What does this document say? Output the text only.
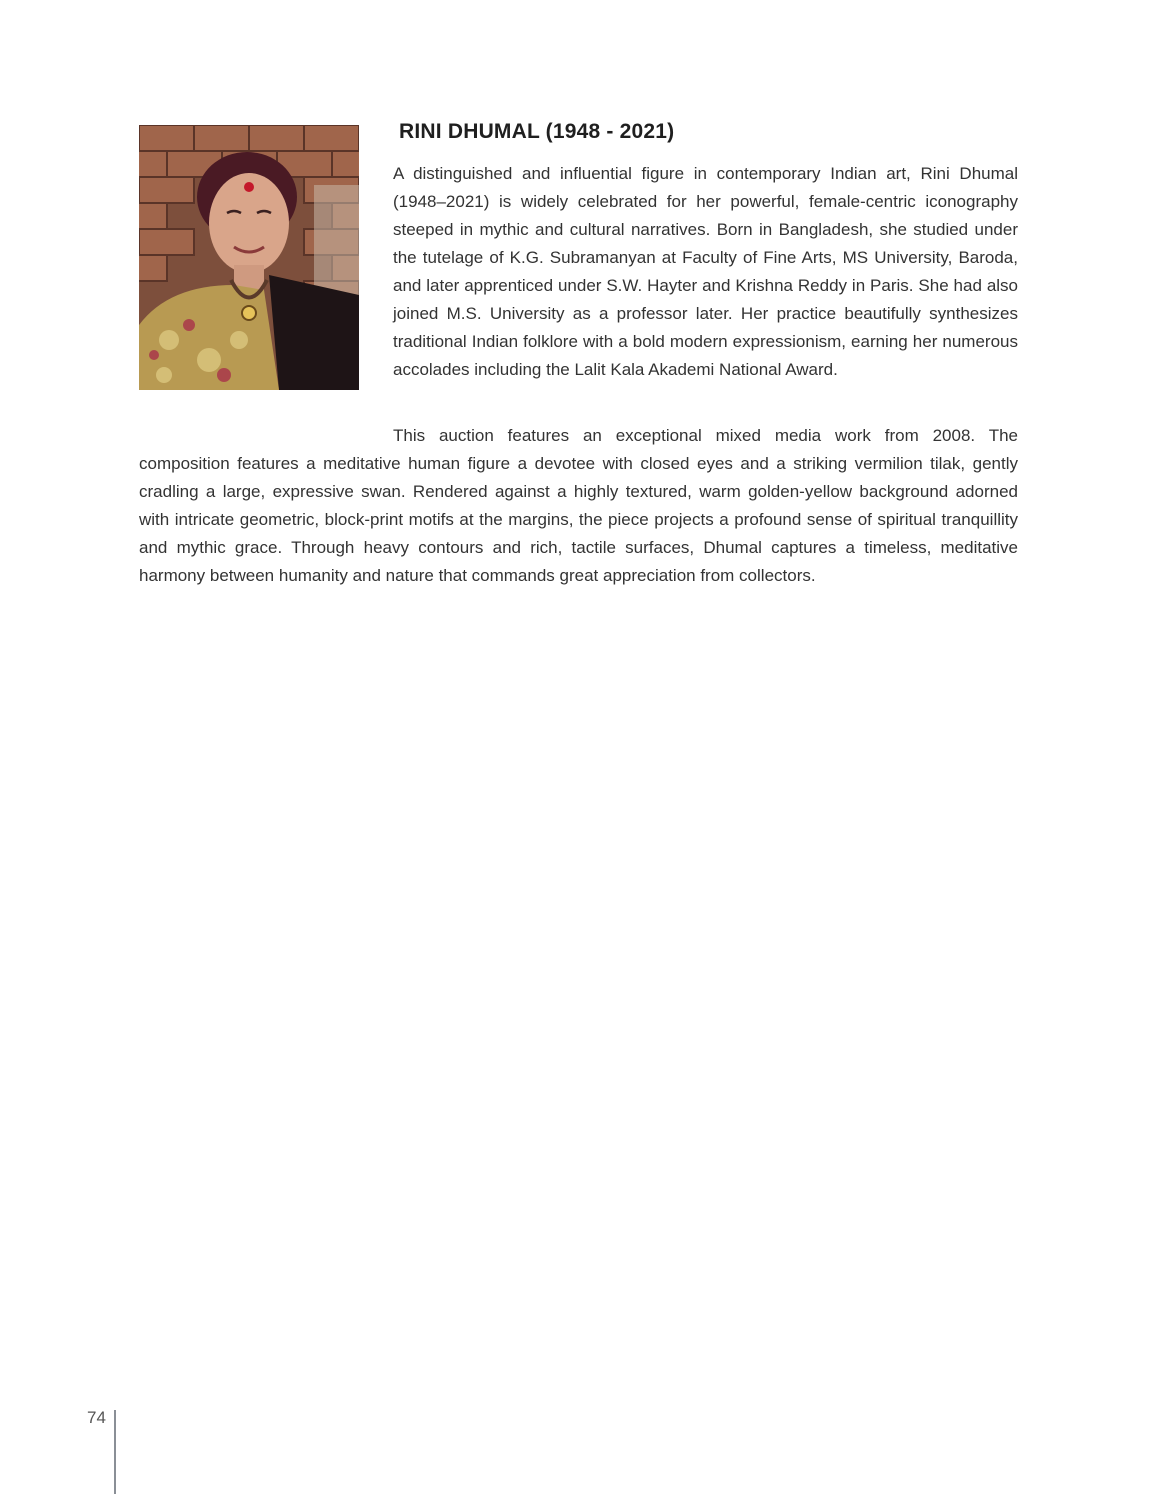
RINI DHUMAL (1948 - 2021)

A distinguished and influential figure in contemporary Indian art, Rini Dhumal (1948–2021) is widely celebrated for her powerful, female-centric iconography steeped in mythic and cultural narratives. Born in Bangladesh, she studied under the tutelage of K.G. Subramanyan at Faculty of Fine Arts, MS University, Baroda, and later apprenticed under S.W. Hayter and Krishna Reddy in Paris. She had also joined M.S. University as a professor later. Her practice beautifully synthesizes traditional Indian folklore with a bold modern expressionism, earning her numerous accolades including the Lalit Kala Akademi National Award.

This auction features an exceptional mixed media work from 2008. The composition features a meditative human figure a devotee with closed eyes and a striking vermilion tilak, gently cradling a large, expressive swan. Rendered against a highly textured, warm golden-yellow background adorned with intricate geometric, block-print motifs at the margins, the piece projects a profound sense of spiritual tranquillity and mythic grace. Through heavy contours and rich, tactile surfaces, Dhumal captures a timeless, meditative harmony between humanity and nature that commands great appreciation from collectors.

74
